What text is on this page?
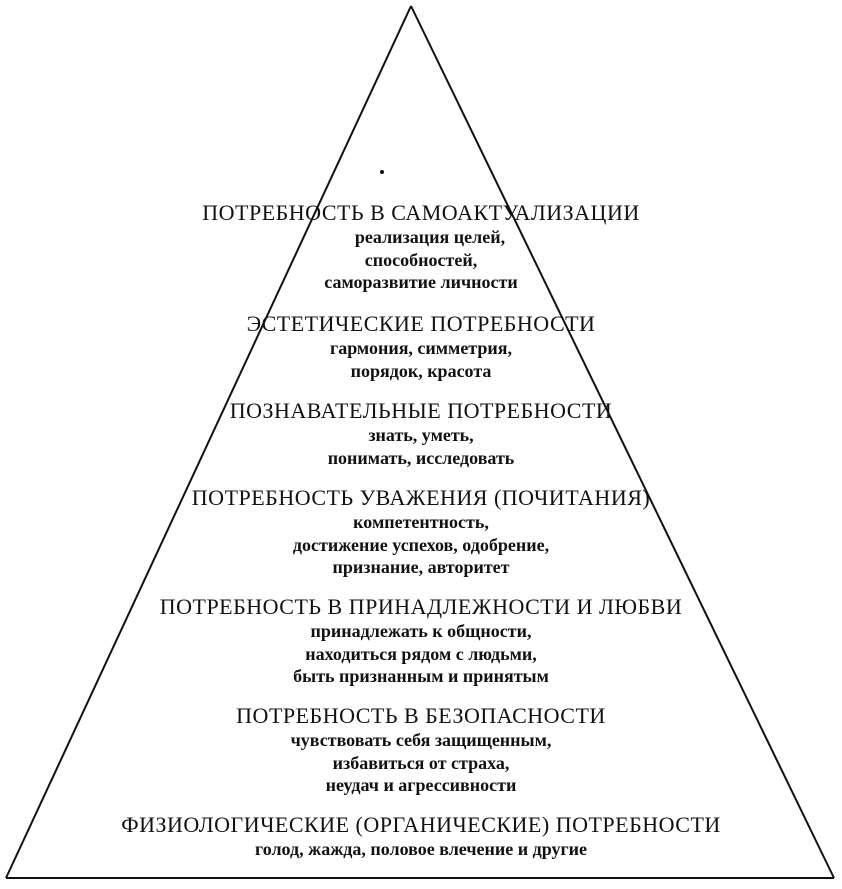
ПОТРЕБНОСТЬ В САМОАКТУАЛИЗАЦИИ
реализация целей,
способностей,
саморазвитие личности
ЭСТЕТИЧЕСКИЕ ПОТРЕБНОСТИ
гармония, симметрия,
порядок, красота
ПОЗНАВАТЕЛЬНЫЕ ПОТРЕБНОСТИ
знать, уметь,
понимать, исследовать
ПОТРЕБНОСТЬ УВАЖЕНИЯ (ПОЧИТАНИЯ)
компетентность,
достижение успехов, одобрение,
признание, авторитет
ПОТРЕБНОСТЬ В ПРИНАДЛЕЖНОСТИ И ЛЮБВИ
принадлежать к общности,
находиться рядом с людьми,
быть признанным и принятым
ПОТРЕБНОСТЬ В БЕЗОПАСНОСТИ
чувствовать себя защищенным,
избавиться от страха,
неудач и агрессивности
ФИЗИОЛОГИЧЕСКИЕ (ОРГАНИЧЕСКИЕ) ПОТРЕБНОСТИ
голод, жажда, половое влечение и другие
